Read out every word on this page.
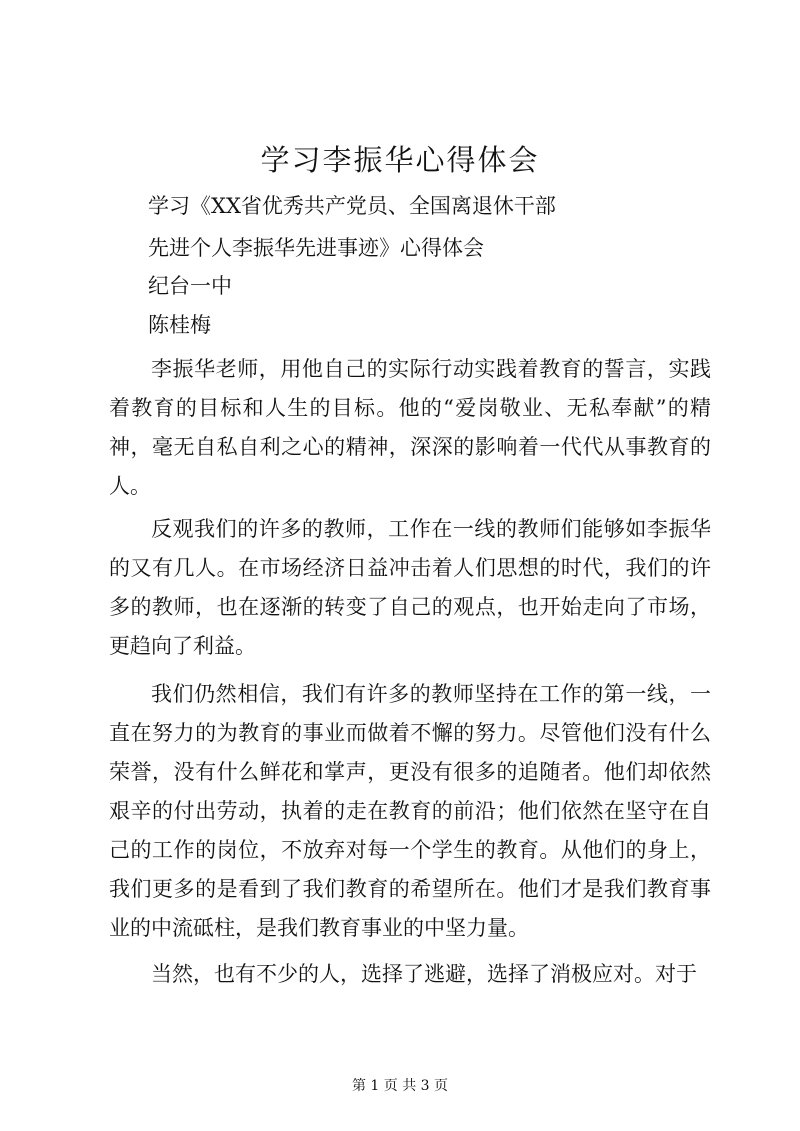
学习李振华心得体会
学习《XX省优秀共产党员、全国离退休干部
先进个人李振华先进事迹》心得体会
纪台一中
陈桂梅
李振华老师，用他自己的实际行动实践着教育的誓言，实践着教育的目标和人生的目标。他的“爱岗敬业、无私奉献”的精神，毫无自私自利之心的精神，深深的影响着一代代从事教育的人。
反观我们的许多的教师，工作在一线的教师们能够如李振华的又有几人。在市场经济日益冲击着人们思想的时代，我们的许多的教师，也在逐渐的转变了自己的观点，也开始走向了市场，更趋向了利益。
我们仍然相信，我们有许多的教师坚持在工作的第一线，一直在努力的为教育的事业而做着不懈的努力。尽管他们没有什么荣誉，没有什么鲜花和掌声，更没有很多的追随者。他们却依然艰辛的付出劳动，执着的走在教育的前沿；他们依然在坚守在自己的工作的岗位，不放弃对每一个学生的教育。从他们的身上，我们更多的是看到了我们教育的希望所在。他们才是我们教育事业的中流砥柱，是我们教育事业的中坚力量。
当然，也有不少的人，选择了逃避，选择了消极应对。对于
第 1 页 共 3 页
